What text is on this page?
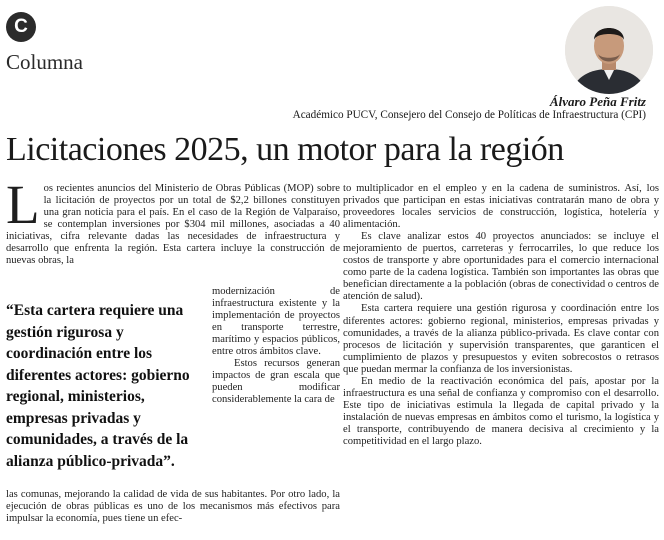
C
Columna
Álvaro Peña Fritz
Académico PUCV, Consejero del Consejo de Políticas de Infraestructura (CPI)
Licitaciones 2025, un motor para la región

L os recientes anuncios del Ministerio de Obras Públicas (MOP) sobre la licitación de proyectos por un total de $2,2 billones constituyen una gran noticia para el país. En el caso de la Región de Valparaíso, se contemplan inversiones por $304 mil millones, asociadas a 40 iniciativas, cifra relevante dadas las necesidades de infraestructura y desarrollo que enfrenta la región. Esta cartera incluye la construcción de nuevas obras, la

“Esta cartera requiere una gestión rigurosa y coordinación entre los diferentes actores: gobierno regional, ministerios, empresas privadas y comunidades, a través de la alianza público-privada”.

modernización de infraestructura existente y la implementación de proyectos en transporte terrestre, marítimo y espacios públicos, entre otros ámbitos clave.

Estos recursos generan impactos de gran escala que pueden modificar considerablemente la cara de

las comunas, mejorando la calidad de vida de sus habitantes. Por otro lado, la ejecución de obras públicas es uno de los mecanismos más efectivos para impulsar la economía, pues tiene un efec-

to multiplicador en el empleo y en la cadena de suministros. Así, los privados que participan en estas iniciativas contratarán mano de obra y proveedores locales servicios de construcción, logística, hotelería y alimentación.

Es clave analizar estos 40 proyectos anunciados: se incluye el mejoramiento de puertos, carreteras y ferrocarriles, lo que reduce los costos de transporte y abre oportunidades para el comercio internacional como parte de la cadena logística. También son importantes las obras que benefician directamente a la población (obras de conectividad o centros de atención de salud).

Esta cartera requiere una gestión rigurosa y coordinación entre los diferentes actores: gobierno regional, ministerios, empresas privadas y comunidades, a través de la alianza público-privada. Es clave contar con procesos de licitación y supervisión transparentes, que garanticen el cumplimiento de plazos y presupuestos y eviten sobrecostos o retrasos que puedan mermar la confianza de los inversionistas.

En medio de la reactivación económica del país, apostar por la infraestructura es una señal de confianza y compromiso con el desarrollo. Este tipo de iniciativas estimula la llegada de capital privado y la instalación de nuevas empresas en ámbitos como el turismo, la logística y el transporte, contribuyendo de manera decisiva al crecimiento y la competitividad en el largo plazo.
